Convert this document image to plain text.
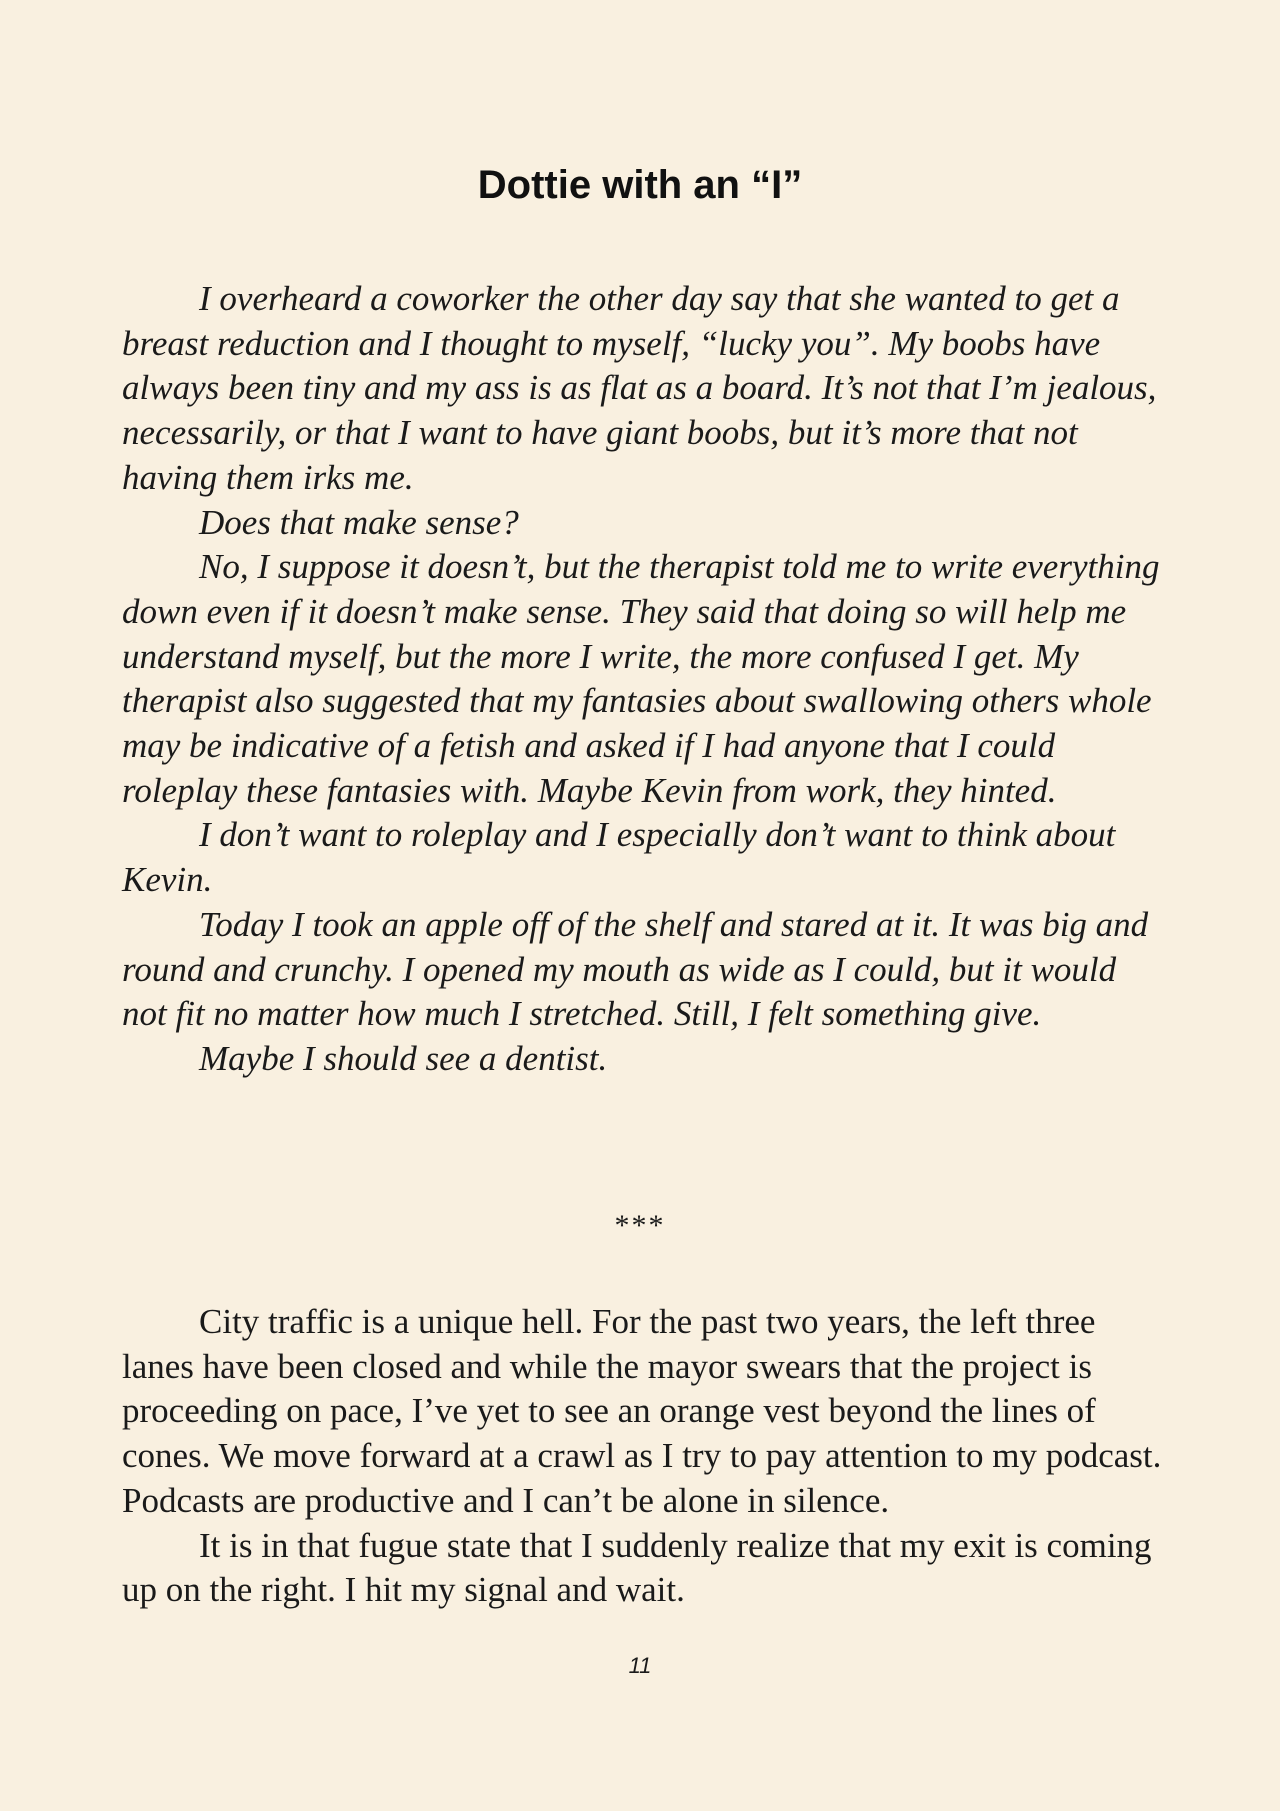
Dottie with an “I”

I overheard a coworker the other day say that she wanted to get a breast reduction and I thought to myself, “lucky you”. My boobs have always been tiny and my ass is as flat as a board. It’s not that I’m jealous, necessarily, or that I want to have giant boobs, but it’s more that not having them irks me.

Does that make sense?

No, I suppose it doesn’t, but the therapist told me to write everything down even if it doesn’t make sense. They said that doing so will help me understand myself, but the more I write, the more confused I get. My therapist also suggested that my fantasies about swallowing others whole may be indicative of a fetish and asked if I had anyone that I could roleplay these fantasies with. Maybe Kevin from work, they hinted.

I don’t want to roleplay and I especially don’t want to think about Kevin.

Today I took an apple off of the shelf and stared at it. It was big and round and crunchy. I opened my mouth as wide as I could, but it would not fit no matter how much I stretched. Still, I felt something give.

Maybe I should see a dentist.

***

City traffic is a unique hell. For the past two years, the left three lanes have been closed and while the mayor swears that the project is proceeding on pace, I’ve yet to see an orange vest beyond the lines of cones. We move forward at a crawl as I try to pay attention to my podcast. Podcasts are productive and I can’t be alone in silence.

It is in that fugue state that I suddenly realize that my exit is coming up on the right. I hit my signal and wait.

11
